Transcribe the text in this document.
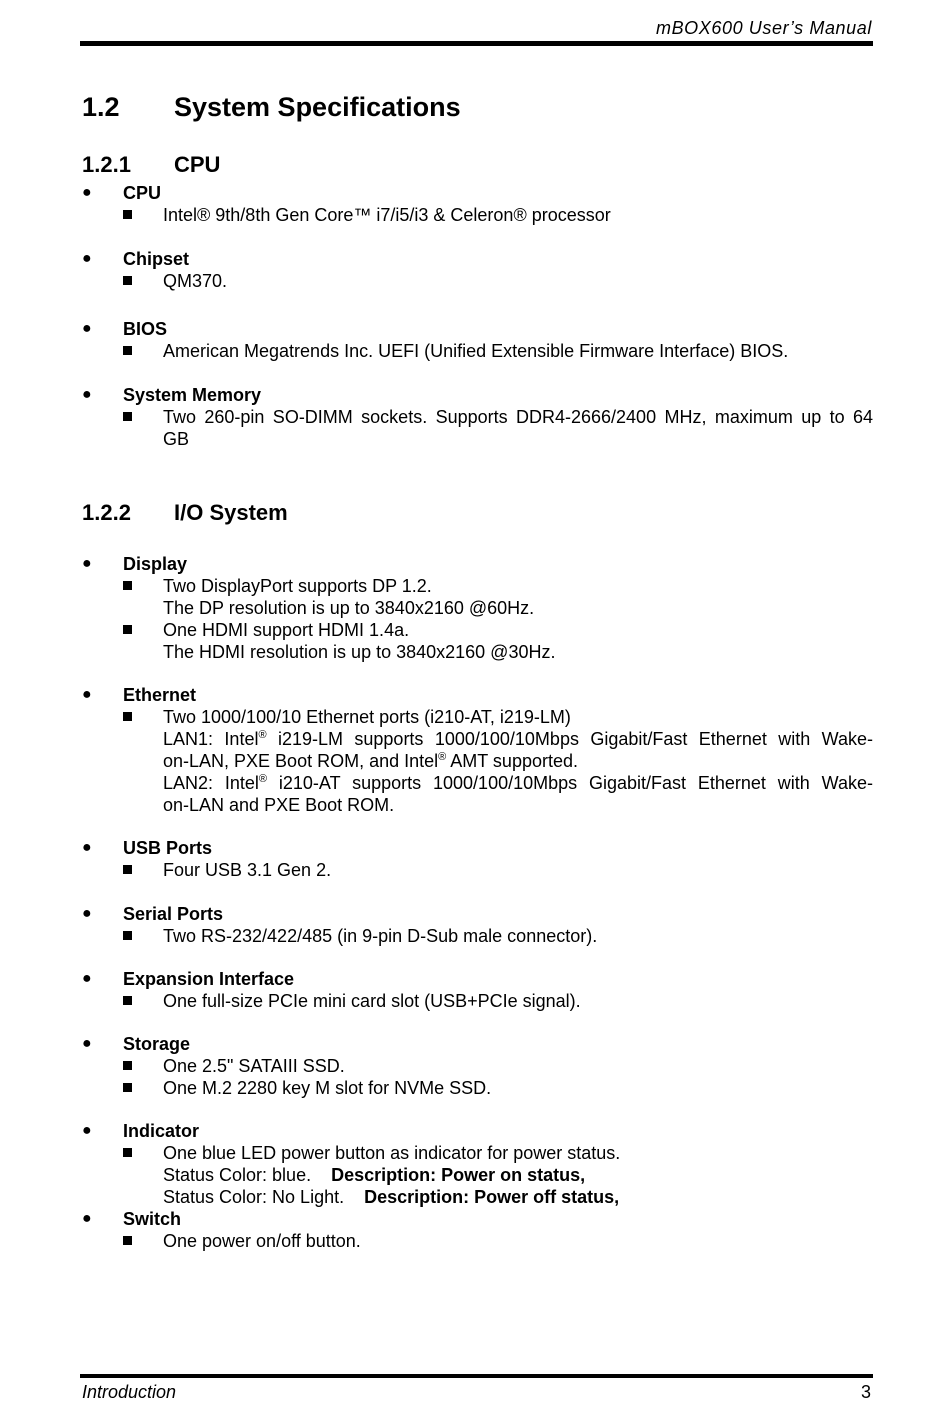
mBOX600 User’s Manual
1.2 System Specifications
1.2.1 CPU
● CPU
Intel® 9th/8th Gen Core™ i7/i5/i3 & Celeron® processor
● Chipset
QM370.
● BIOS
American Megatrends Inc. UEFI (Unified Extensible Firmware Interface) BIOS.
● System Memory
Two 260-pin SO-DIMM sockets. Supports DDR4-2666/2400 MHz, maximum up to 64
GB
1.2.2 I/O System
● Display
Two DisplayPort supports DP 1.2.
The DP resolution is up to 3840x2160 @60Hz.
One HDMI support HDMI 1.4a.
The HDMI resolution is up to 3840x2160 @30Hz.
● Ethernet
Two 1000/100/10 Ethernet ports (i210-AT, i219-LM)
LAN1: Intel® i219-LM supports 1000/100/10Mbps Gigabit/Fast Ethernet with Wake-
on-LAN, PXE Boot ROM, and Intel® AMT supported.
LAN2: Intel® i210-AT supports 1000/100/10Mbps Gigabit/Fast Ethernet with Wake-
on-LAN and PXE Boot ROM.
● USB Ports
Four USB 3.1 Gen 2.
● Serial Ports
Two RS-232/422/485 (in 9-pin D-Sub male connector).
● Expansion Interface
One full-size PCIe mini card slot (USB+PCIe signal).
● Storage
One 2.5" SATAIII SSD.
One M.2 2280 key M slot for NVMe SSD.
● Indicator
One blue LED power button as indicator for power status.
Status Color: blue. Description: Power on status,
Status Color: No Light. Description: Power off status,
● Switch
One power on/off button.
Introduction	3
